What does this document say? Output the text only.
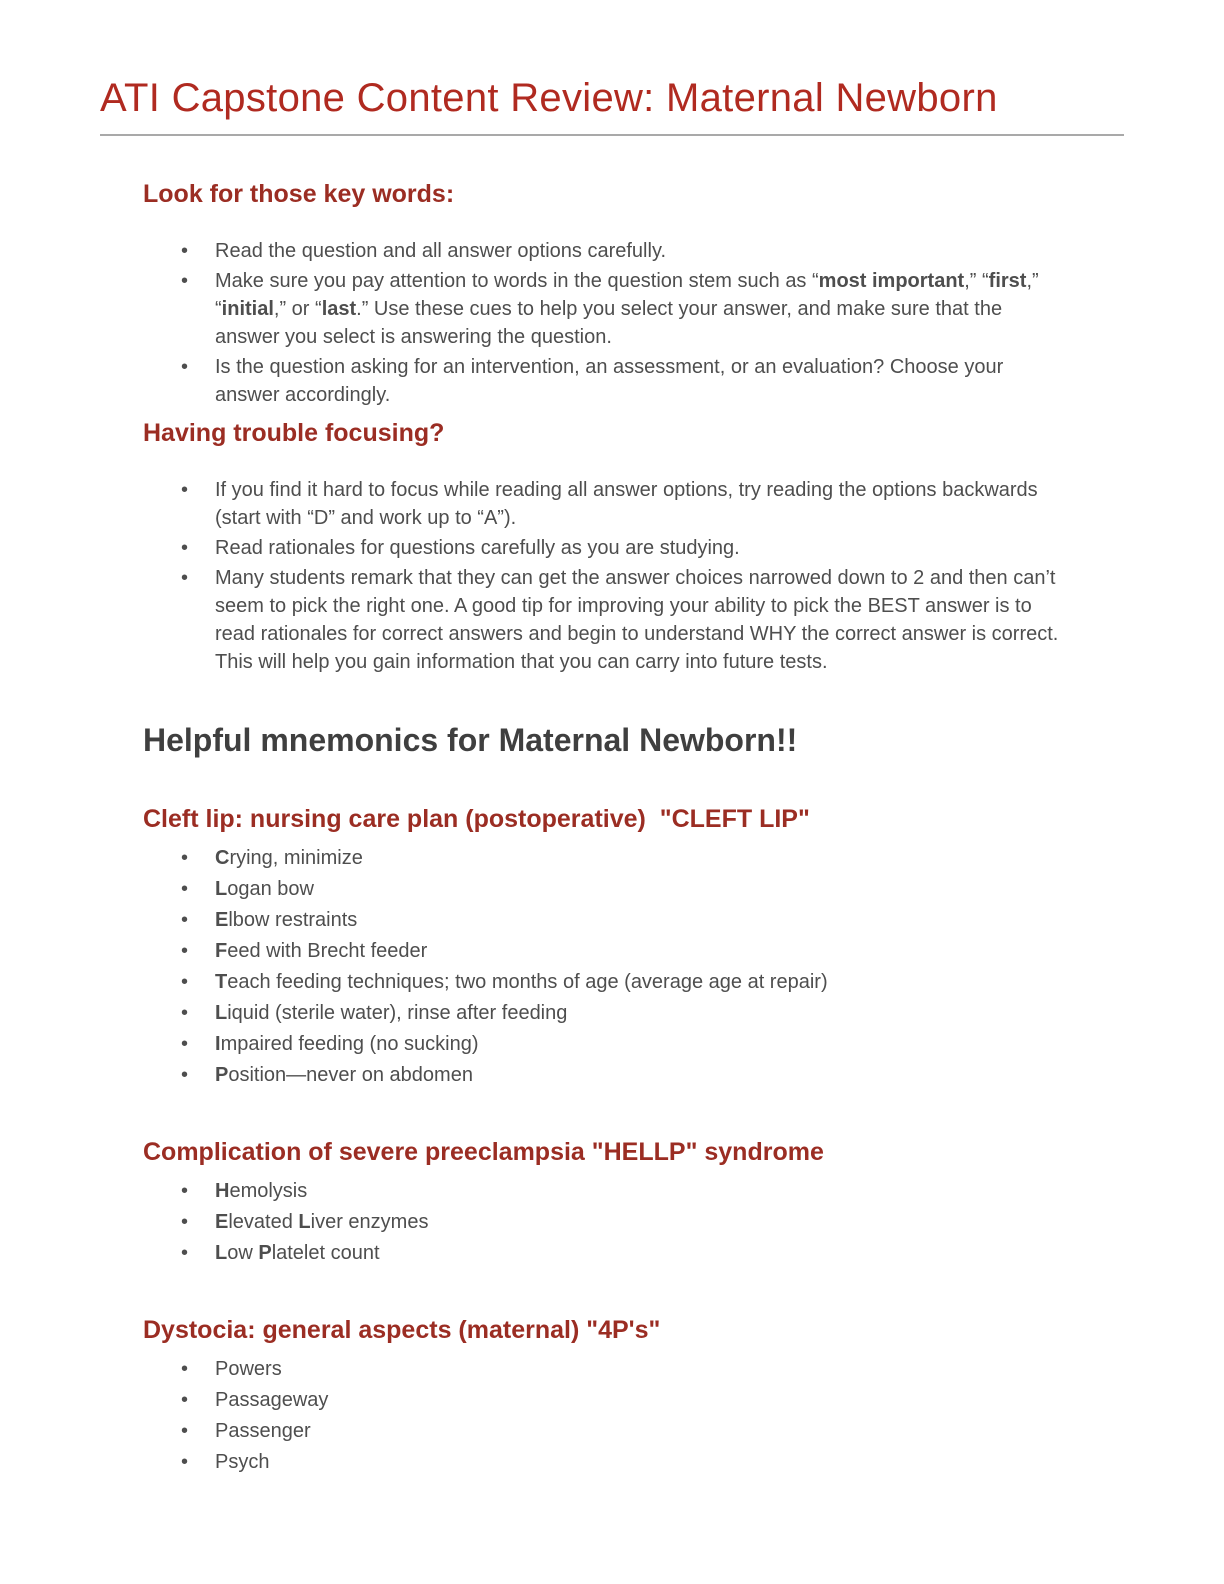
ATI Capstone Content Review: Maternal Newborn
Look for those key words:
• Read the question and all answer options carefully.
• Make sure you pay attention to words in the question stem such as “most important,” “first,” “initial,” or “last.” Use these cues to help you select your answer, and make sure that the answer you select is answering the question.
• Is the question asking for an intervention, an assessment, or an evaluation? Choose your answer accordingly.
Having trouble focusing?
• If you find it hard to focus while reading all answer options, try reading the options backwards (start with “D” and work up to “A”).
• Read rationales for questions carefully as you are studying.
• Many students remark that they can get the answer choices narrowed down to 2 and then can’t seem to pick the right one. A good tip for improving your ability to pick the BEST answer is to read rationales for correct answers and begin to understand WHY the correct answer is correct. This will help you gain information that you can carry into future tests.
Helpful mnemonics for Maternal Newborn!!
Cleft lip: nursing care plan (postoperative)  "CLEFT LIP"
• Crying, minimize
• Logan bow
• Elbow restraints
• Feed with Brecht feeder
• Teach feeding techniques; two months of age (average age at repair)
• Liquid (sterile water), rinse after feeding
• Impaired feeding (no sucking)
• Position—never on abdomen
Complication of severe preeclampsia "HELLP" syndrome
• Hemolysis
• Elevated Liver enzymes
• Low Platelet count
Dystocia: general aspects (maternal) "4P's"
• Powers
• Passageway
• Passenger
• Psych
